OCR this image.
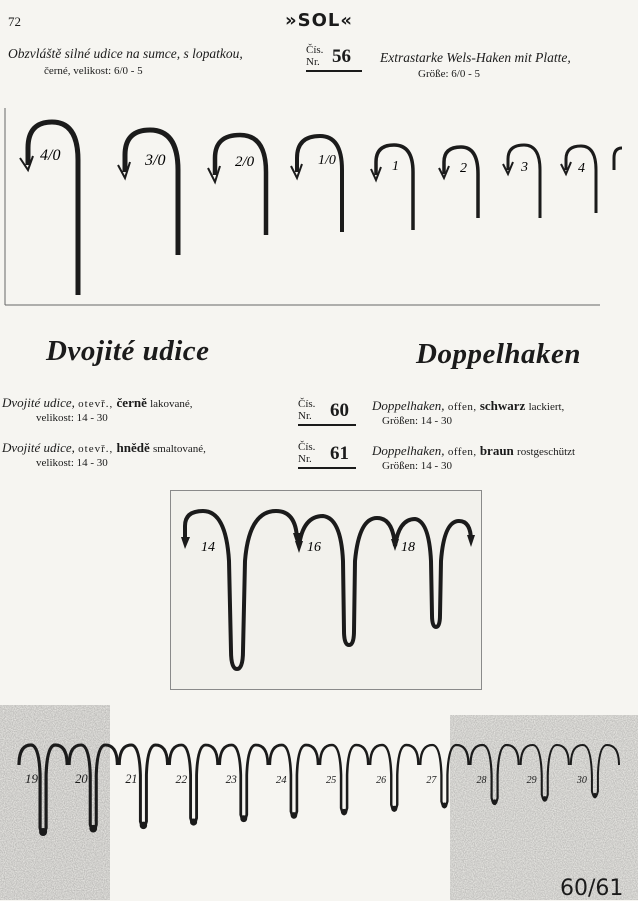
72	»SOL«
Obzvláště silné udice na sumce, s lopatkou,
černé, velikost: 6/0 - 5
Čís.
Nr. 56 Extrastarke Wels-Haken mit Platte,
Größe: 6/0 - 5
4/0	3/0	2/0	1/0	1	2	3	4
Dvojité udice	Doppelhaken
Dvojité udice, otevř., černě lakované,
velikost: 14 - 30
Čís.
Nr. 60 Doppelhaken, offen, schwarz lackiert,
Größen: 14 - 30
Dvojité udice, otevř., hnědě smaltované,
velikost: 14 - 30
Čís.
Nr. 61 Doppelhaken, offen, braun rostgeschützt
Größen: 14 - 30
14	16	18
19	20	21	22	23	24	25	26	27	28	29	30
60/61
